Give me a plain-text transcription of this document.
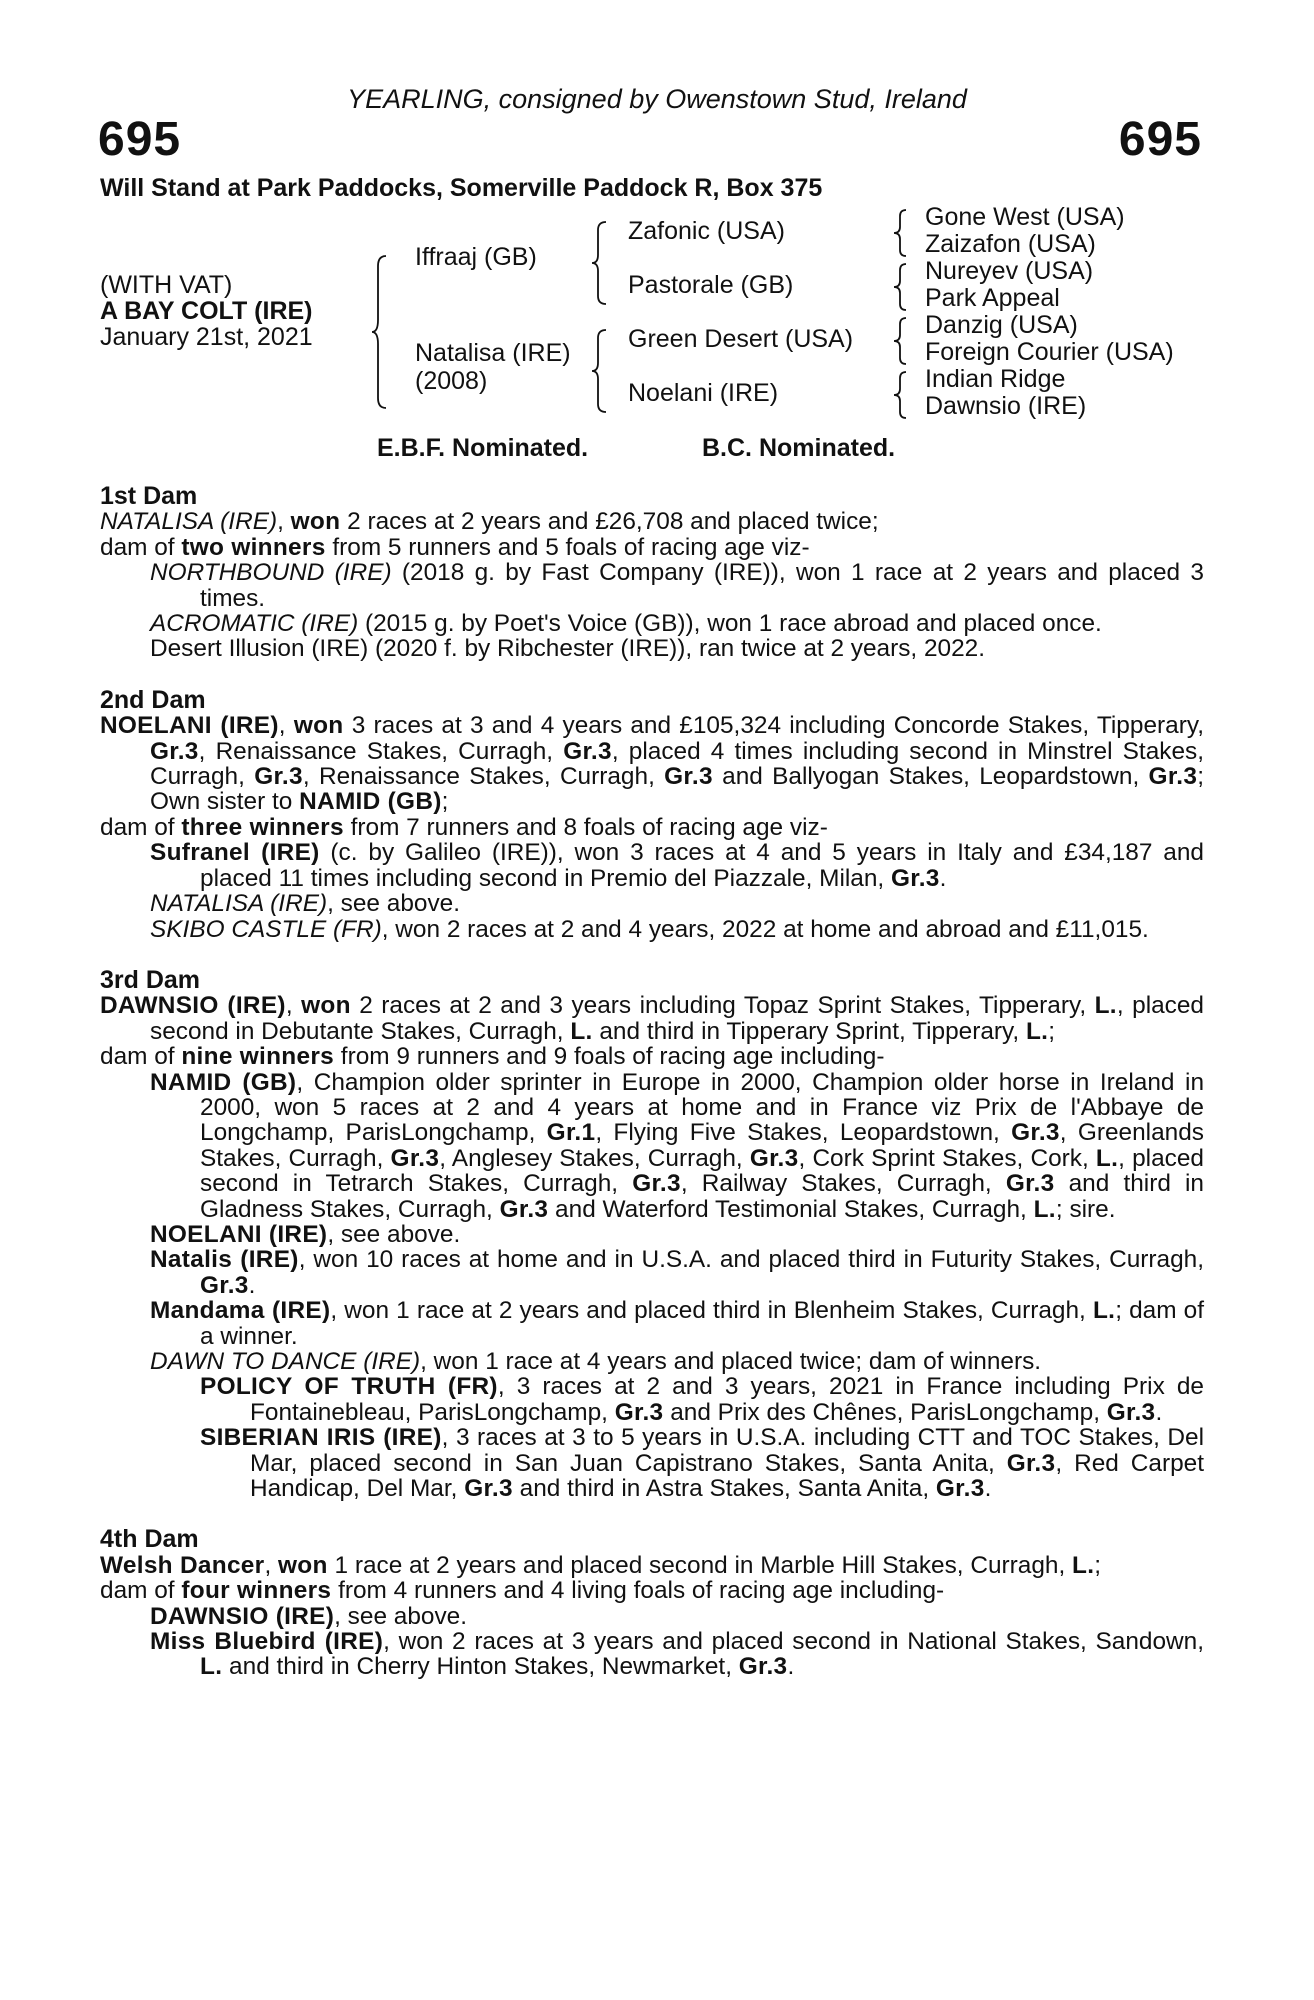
YEARLING, consigned by Owenstown Stud, Ireland
695	695
Will Stand at Park Paddocks, Somerville Paddock R, Box 375
(WITH VAT)
A BAY COLT (IRE)
January 21st, 2021
Iffraaj (GB)
Natalisa (IRE)
(2008)
Zafonic (USA)
Pastorale (GB)
Green Desert (USA)
Noelani (IRE)
Gone West (USA)
Zaizafon (USA)
Nureyev (USA)
Park Appeal
Danzig (USA)
Foreign Courier (USA)
Indian Ridge
Dawnsio (IRE)
E.B.F. Nominated.	B.C. Nominated.
1st Dam
NATALISA (IRE), won 2 races at 2 years and £26,708 and placed twice;
dam of two winners from 5 runners and 5 foals of racing age viz-
NORTHBOUND (IRE) (2018 g. by Fast Company (IRE)), won 1 race at 2 years and placed 3 times.
ACROMATIC (IRE) (2015 g. by Poet's Voice (GB)), won 1 race abroad and placed once.
Desert Illusion (IRE) (2020 f. by Ribchester (IRE)), ran twice at 2 years, 2022.
2nd Dam
NOELANI (IRE), won 3 races at 3 and 4 years and £105,324 including Concorde Stakes, Tipperary, Gr.3, Renaissance Stakes, Curragh, Gr.3, placed 4 times including second in Minstrel Stakes, Curragh, Gr.3, Renaissance Stakes, Curragh, Gr.3 and Ballyogan Stakes, Leopardstown, Gr.3; Own sister to NAMID (GB);
dam of three winners from 7 runners and 8 foals of racing age viz-
Sufranel (IRE) (c. by Galileo (IRE)), won 3 races at 4 and 5 years in Italy and £34,187 and placed 11 times including second in Premio del Piazzale, Milan, Gr.3.
NATALISA (IRE), see above.
SKIBO CASTLE (FR), won 2 races at 2 and 4 years, 2022 at home and abroad and £11,015.
3rd Dam
DAWNSIO (IRE), won 2 races at 2 and 3 years including Topaz Sprint Stakes, Tipperary, L., placed second in Debutante Stakes, Curragh, L. and third in Tipperary Sprint, Tipperary, L.;
dam of nine winners from 9 runners and 9 foals of racing age including-
NAMID (GB), Champion older sprinter in Europe in 2000, Champion older horse in Ireland in 2000, won 5 races at 2 and 4 years at home and in France viz Prix de l'Abbaye de Longchamp, ParisLongchamp, Gr.1, Flying Five Stakes, Leopardstown, Gr.3, Greenlands Stakes, Curragh, Gr.3, Anglesey Stakes, Curragh, Gr.3, Cork Sprint Stakes, Cork, L., placed second in Tetrarch Stakes, Curragh, Gr.3, Railway Stakes, Curragh, Gr.3 and third in Gladness Stakes, Curragh, Gr.3 and Waterford Testimonial Stakes, Curragh, L.; sire.
NOELANI (IRE), see above.
Natalis (IRE), won 10 races at home and in U.S.A. and placed third in Futurity Stakes, Curragh, Gr.3.
Mandama (IRE), won 1 race at 2 years and placed third in Blenheim Stakes, Curragh, L.; dam of a winner.
DAWN TO DANCE (IRE), won 1 race at 4 years and placed twice; dam of winners.
POLICY OF TRUTH (FR), 3 races at 2 and 3 years, 2021 in France including Prix de Fontainebleau, ParisLongchamp, Gr.3 and Prix des Chênes, ParisLongchamp, Gr.3.
SIBERIAN IRIS (IRE), 3 races at 3 to 5 years in U.S.A. including CTT and TOC Stakes, Del Mar, placed second in San Juan Capistrano Stakes, Santa Anita, Gr.3, Red Carpet Handicap, Del Mar, Gr.3 and third in Astra Stakes, Santa Anita, Gr.3.
4th Dam
Welsh Dancer, won 1 race at 2 years and placed second in Marble Hill Stakes, Curragh, L.;
dam of four winners from 4 runners and 4 living foals of racing age including-
DAWNSIO (IRE), see above.
Miss Bluebird (IRE), won 2 races at 3 years and placed second in National Stakes, Sandown, L. and third in Cherry Hinton Stakes, Newmarket, Gr.3.
